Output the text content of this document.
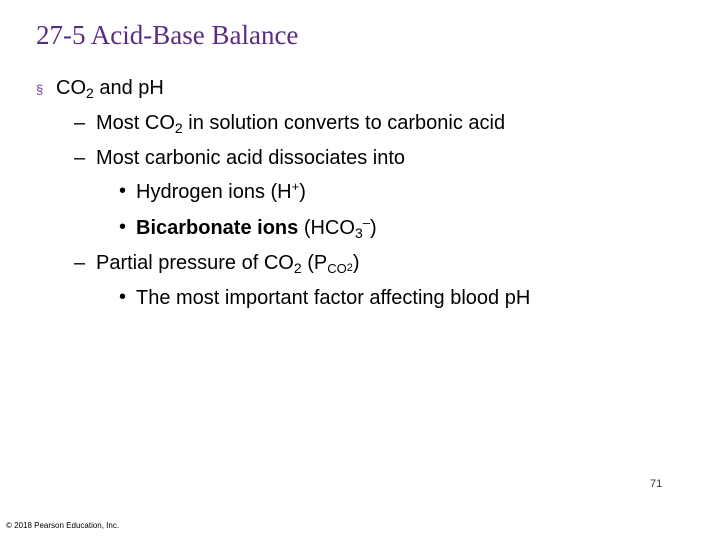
27-5 Acid-Base Balance
§ $CO_2$ and pH
– Most $CO_2$ in solution converts to carbonic acid
– Most carbonic acid dissociates into
• Hydrogen ions (H+)
• Bicarbonate ions $(HCO_3^-)$
– Partial pressure of $CO_2$ $(P_{CO2})$
• The most important factor affecting blood pH
71
© 2018 Pearson Education, Inc.
